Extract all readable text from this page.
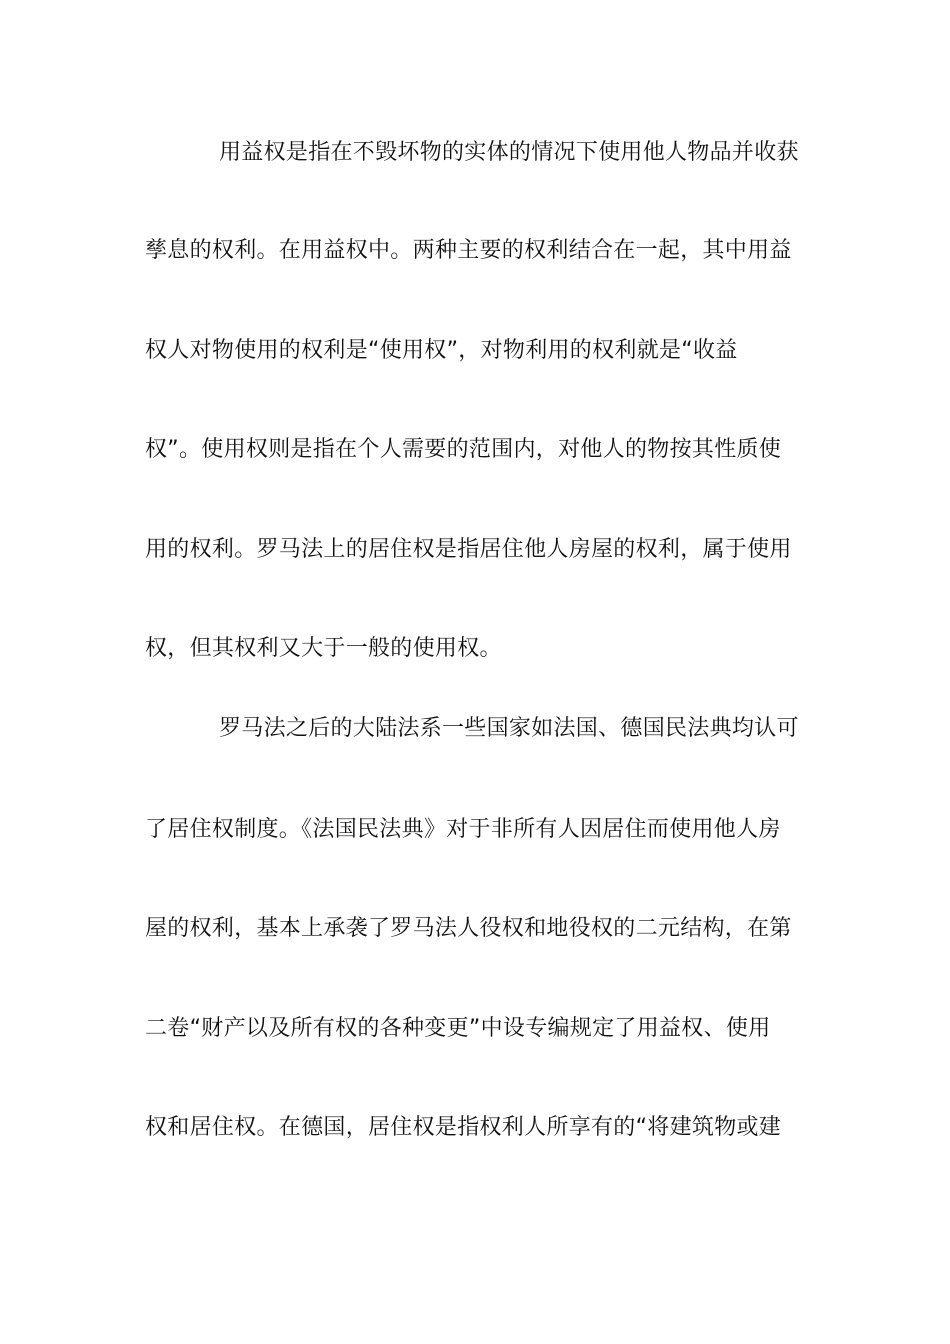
用益权是指在不毁坏物的实体的情况下使用他人物品并收获
孳息的权利。在用益权中。两种主要的权利结合在一起，其中用益
权人对物使用的权利是“使用权”，对物利用的权利就是“收益
权”。使用权则是指在个人需要的范围内，对他人的物按其性质使
用的权利。罗马法上的居住权是指居住他人房屋的权利，属于使用
权，但其权利又大于一般的使用权。
罗马法之后的大陆法系一些国家如法国、德国民法典均认可
了居住权制度。《法国民法典》对于非所有人因居住而使用他人房
屋的权利，基本上承袭了罗马法人役权和地役权的二元结构，在第
二卷“财产以及所有权的各种变更”中设专编规定了用益权、使用
权和居住权。在德国，居住权是指权利人所享有的“将建筑物或建
